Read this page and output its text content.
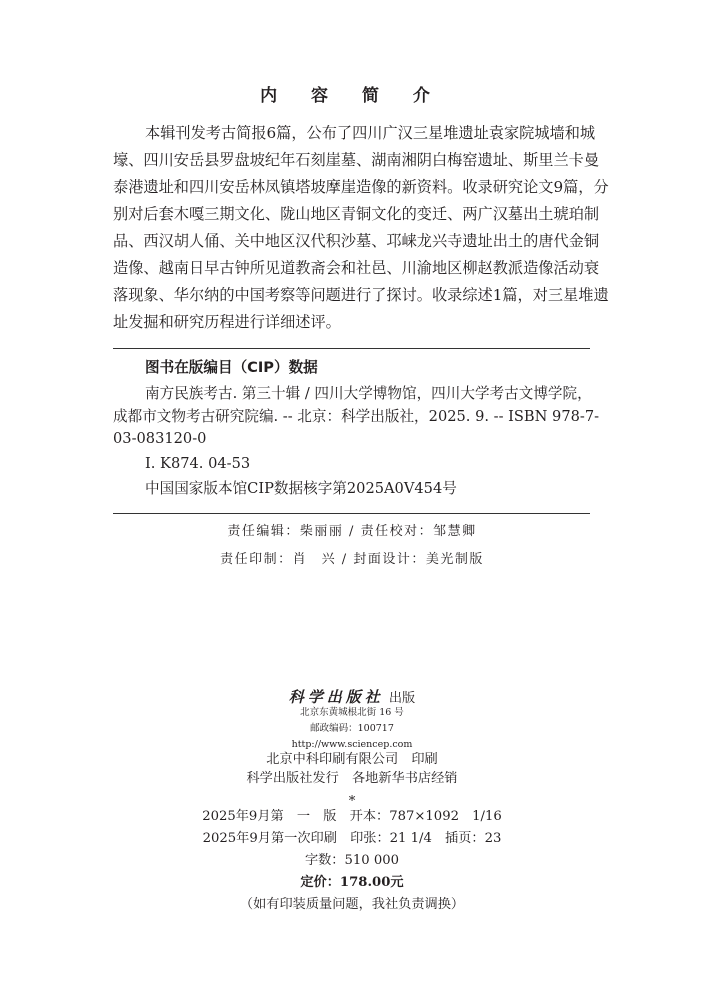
内 容 简 介
本辑刊发考古简报6篇，公布了四川广汉三星堆遗址袁家院城墙和城
壕、四川安岳县罗盘坡纪年石刻崖墓、湖南湘阴白梅窑遗址、斯里兰卡曼
泰港遗址和四川安岳林凤镇塔坡摩崖造像的新资料。收录研究论文9篇，分
别对后套木嘎三期文化、陇山地区青铜文化的变迁、两广汉墓出土琥珀制
品、西汉胡人俑、关中地区汉代积沙墓、邛崃龙兴寺遗址出土的唐代金铜
造像、越南日早古钟所见道教斋会和社邑、川渝地区柳赵教派造像活动衰
落现象、华尔纳的中国考察等问题进行了探讨。收录综述1篇，对三星堆遗
址发掘和研究历程进行详细述评。
图书在版编目（CIP）数据
南方民族考古. 第三十辑 / 四川大学博物馆，四川大学考古文博学院，
成都市文物考古研究院编. -- 北京：科学出版社，2025. 9. -- ISBN 978-7-
03-083120-0
Ⅰ. K874. 04-53
中国国家版本馆CIP数据核字第2025A0V454号
责任编辑：柴丽丽 / 责任校对：邹慧卿
责任印制：肖　兴 / 封面设计：美光制版
科学出版社 出版
北京东黄城根北街 16 号
邮政编码：100717
http://www.sciencep.com
北京中科印刷有限公司　印刷
科学出版社发行　各地新华书店经销
*
2025年9月第　一　版　开本：787×1092　1/16
2025年9月第一次印刷　印张：21 1/4　插页：23
字数：510 000
定价：178.00元
（如有印装质量问题，我社负责调换）
